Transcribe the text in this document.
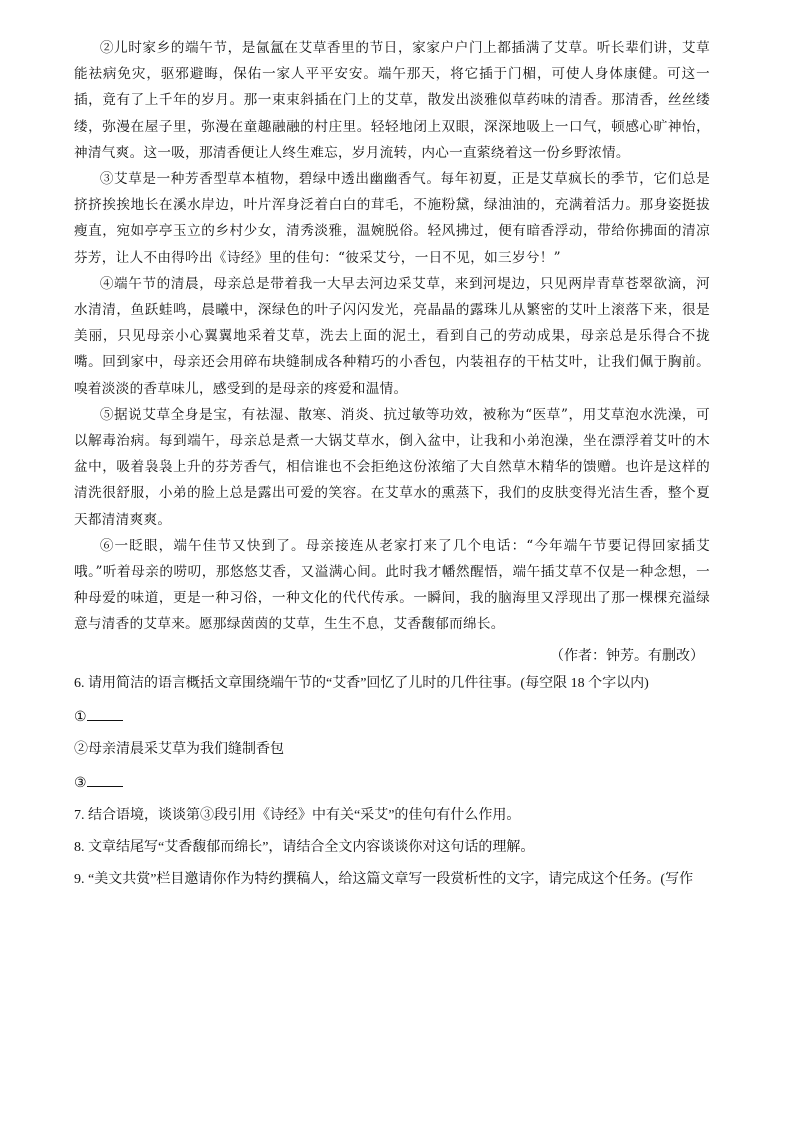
②儿时家乡的端午节，是氤氲在艾草香里的节日，家家户户门上都插满了艾草。听长辈们讲，艾草能祛病免灾，驱邪避晦，保佑一家人平平安安。端午那天，将它插于门楣，可使人身体康健。可这一插，竟有了上千年的岁月。那一束束斜插在门上的艾草，散发出淡雅似草药味的清香。那清香，丝丝缕缕，弥漫在屋子里，弥漫在童趣融融的村庄里。轻轻地闭上双眼，深深地吸上一口气，顿感心旷神怡，神清气爽。这一吸，那清香便让人终生难忘，岁月流转，内心一直萦绕着这一份乡野浓情。

③艾草是一种芳香型草本植物，碧绿中透出幽幽香气。每年初夏，正是艾草疯长的季节，它们总是挤挤挨挨地长在溪水岸边，叶片浑身泛着白白的茸毛，不施粉黛，绿油油的，充满着活力。那身姿挺拔瘦直，宛如亭亭玉立的乡村少女，清秀淡雅，温婉脱俗。轻风拂过，便有暗香浮动，带给你拂面的清凉芬芳，让人不由得吟出《诗经》里的佳句：“彼采艾兮，一日不见，如三岁兮！”

④端午节的清晨，母亲总是带着我一大早去河边采艾草，来到河堤边，只见两岸青草苍翠欲滴，河水清清，鱼跃蛙鸣，晨曦中，深绿色的叶子闪闪发光，亮晶晶的露珠儿从繁密的艾叶上滚落下来，很是美丽，只见母亲小心翼翼地采着艾草，洗去上面的泥土，看到自己的劳动成果，母亲总是乐得合不拢嘴。回到家中，母亲还会用碎布块缝制成各种精巧的小香包，内装祖存的干枯艾叶，让我们佩于胸前。嗅着淡淡的香草味儿，感受到的是母亲的疼爱和温情。

⑤据说艾草全身是宝，有祛湿、散寒、消炎、抗过敏等功效，被称为“医草”，用艾草泡水洗澡，可以解毒治病。每到端午，母亲总是煮一大锅艾草水，倒入盆中，让我和小弟泡澡，坐在漂浮着艾叶的木盆中，吸着袅袅上升的芬芳香气，相信谁也不会拒绝这份浓缩了大自然草木精华的馈赠。也许是这样的清洗很舒服，小弟的脸上总是露出可爱的笑容。在艾草水的熏蒸下，我们的皮肤变得光洁生香，整个夏天都清清爽爽。

⑥一眨眼，端午佳节又快到了。母亲接连从老家打来了几个电话：“今年端午节要记得回家插艾哦。”听着母亲的唠叨，那悠悠艾香，又溢满心间。此时我才幡然醒悟，端午插艾草不仅是一种念想，一种母爱的味道，更是一种习俗，一种文化的代代传承。一瞬间，我的脑海里又浮现出了那一棵棵充溢绿意与清香的艾草来。愿那绿茵茵的艾草，生生不息，艾香馥郁而绵长。

（作者：钟芳。有删改）
6. 请用简洁的语言概括文章围绕端午节的“艾香”回忆了儿时的几件往事。(每空限 18 个字以内)
①
②母亲清晨采艾草为我们缝制香包
③
7. 结合语境，谈谈第③段引用《诗经》中有关“采艾”的佳句有什么作用。
8. 文章结尾写“艾香馥郁而绵长”，请结合全文内容谈谈你对这句话的理解。
9. “美文共赏”栏目邀请你作为特约撰稿人，给这篇文章写一段赏析性的文字，请完成这个任务。(写作
